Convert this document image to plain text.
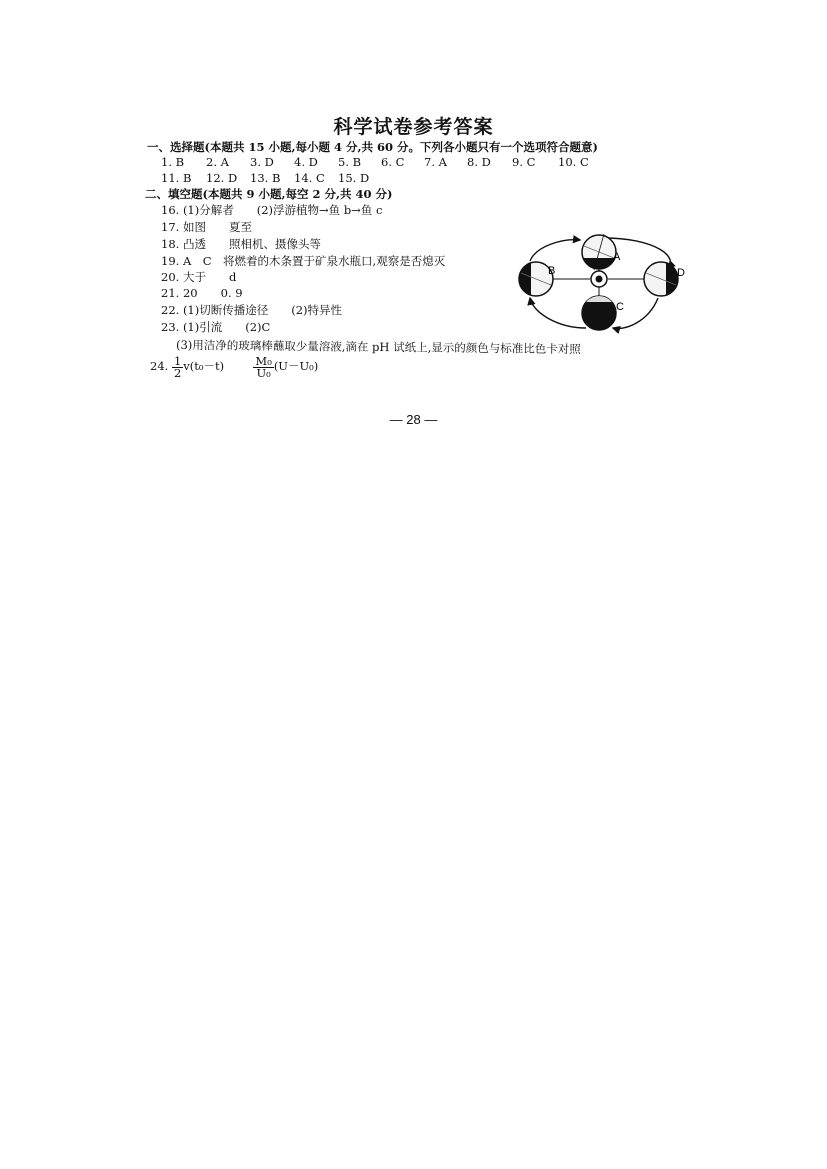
科学试卷参考答案
一、选择题(本题共 15 小题,每小题 4 分,共 60 分。下列各小题只有一个选项符合题意)
1. B 2. A 3. D 4. D 5. B 6. C 7. A 8. D 9. C 10. C
11. B 12. D 13. B 14. C 15. D
二、填空题(本题共 9 小题,每空 2 分,共 40 分)
16. (1)分解者　　(2)浮游植物→鱼 b→鱼 c
17. 如图　　夏至
18. 凸透　　照相机、摄像头等
19. A　C　将燃着的木条置于矿泉水瓶口,观察是否熄灭
20. 大于　　d
21. 20　　0. 9
22. (1)切断传播途径　　(2)特异性
23. (1)引流　　(2)C
(3)用洁净的玻璃棒蘸取少量溶液,滴在 pH 试纸上,显示的颜色与标准比色卡对照
24. $\frac{1}{2} v(t_0-t)$	$\frac{\text{M₀}}{\text{U₀}} (U-U_0)$
A
B
C
D
— 28 —
